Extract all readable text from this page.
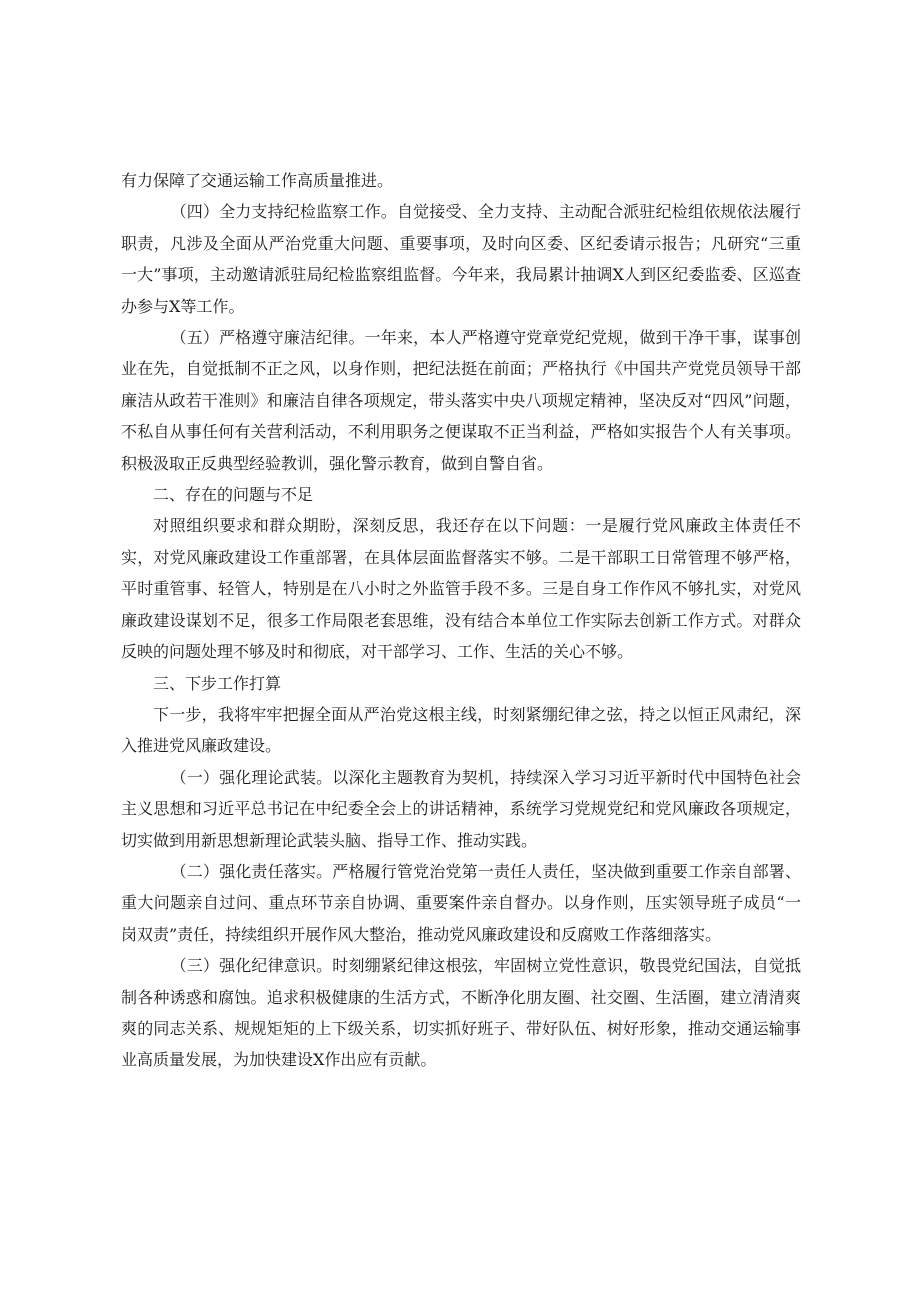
有力保障了交通运输工作高质量推进。

（四）全力支持纪检监察工作。自觉接受、全力支持、主动配合派驻纪检组依规依法履行职责，凡涉及全面从严治党重大问题、重要事项，及时向区委、区纪委请示报告；凡研究“三重一大”事项，主动邀请派驻局纪检监察组监督。今年来，我局累计抽调X人到区纪委监委、区巡查办参与X等工作。

（五）严格遵守廉洁纪律。一年来，本人严格遵守党章党纪党规，做到干净干事，谋事创业在先，自觉抵制不正之风，以身作则，把纪法挺在前面；严格执行《中国共产党党员领导干部廉洁从政若干准则》和廉洁自律各项规定，带头落实中央八项规定精神，坚决反对“四风”问题，不私自从事任何有关营利活动，不利用职务之便谋取不正当利益，严格如实报告个人有关事项。积极汲取正反典型经验教训，强化警示教育，做到自警自省。

二、存在的问题与不足

对照组织要求和群众期盼，深刻反思，我还存在以下问题：一是履行党风廉政主体责任不实，对党风廉政建设工作重部署，在具体层面监督落实不够。二是干部职工日常管理不够严格，平时重管事、轻管人，特别是在八小时之外监管手段不多。三是自身工作作风不够扎实，对党风廉政建设谋划不足，很多工作局限老套思维，没有结合本单位工作实际去创新工作方式。对群众反映的问题处理不够及时和彻底，对干部学习、工作、生活的关心不够。

三、下步工作打算

下一步，我将牢牢把握全面从严治党这根主线，时刻紧绷纪律之弦，持之以恒正风肃纪，深入推进党风廉政建设。

（一）强化理论武装。以深化主题教育为契机，持续深入学习习近平新时代中国特色社会主义思想和习近平总书记在中纪委全会上的讲话精神，系统学习党规党纪和党风廉政各项规定，切实做到用新思想新理论武装头脑、指导工作、推动实践。

（二）强化责任落实。严格履行管党治党第一责任人责任，坚决做到重要工作亲自部署、重大问题亲自过问、重点环节亲自协调、重要案件亲自督办。以身作则，压实领导班子成员“一岗双责”责任，持续组织开展作风大整治，推动党风廉政建设和反腐败工作落细落实。

（三）强化纪律意识。时刻绷紧纪律这根弦，牢固树立党性意识，敬畏党纪国法，自觉抵制各种诱惑和腐蚀。追求积极健康的生活方式，不断净化朋友圈、社交圈、生活圈，建立清清爽爽的同志关系、规规矩矩的上下级关系，切实抓好班子、带好队伍、树好形象，推动交通运输事业高质量发展，为加快建设X作出应有贡献。
